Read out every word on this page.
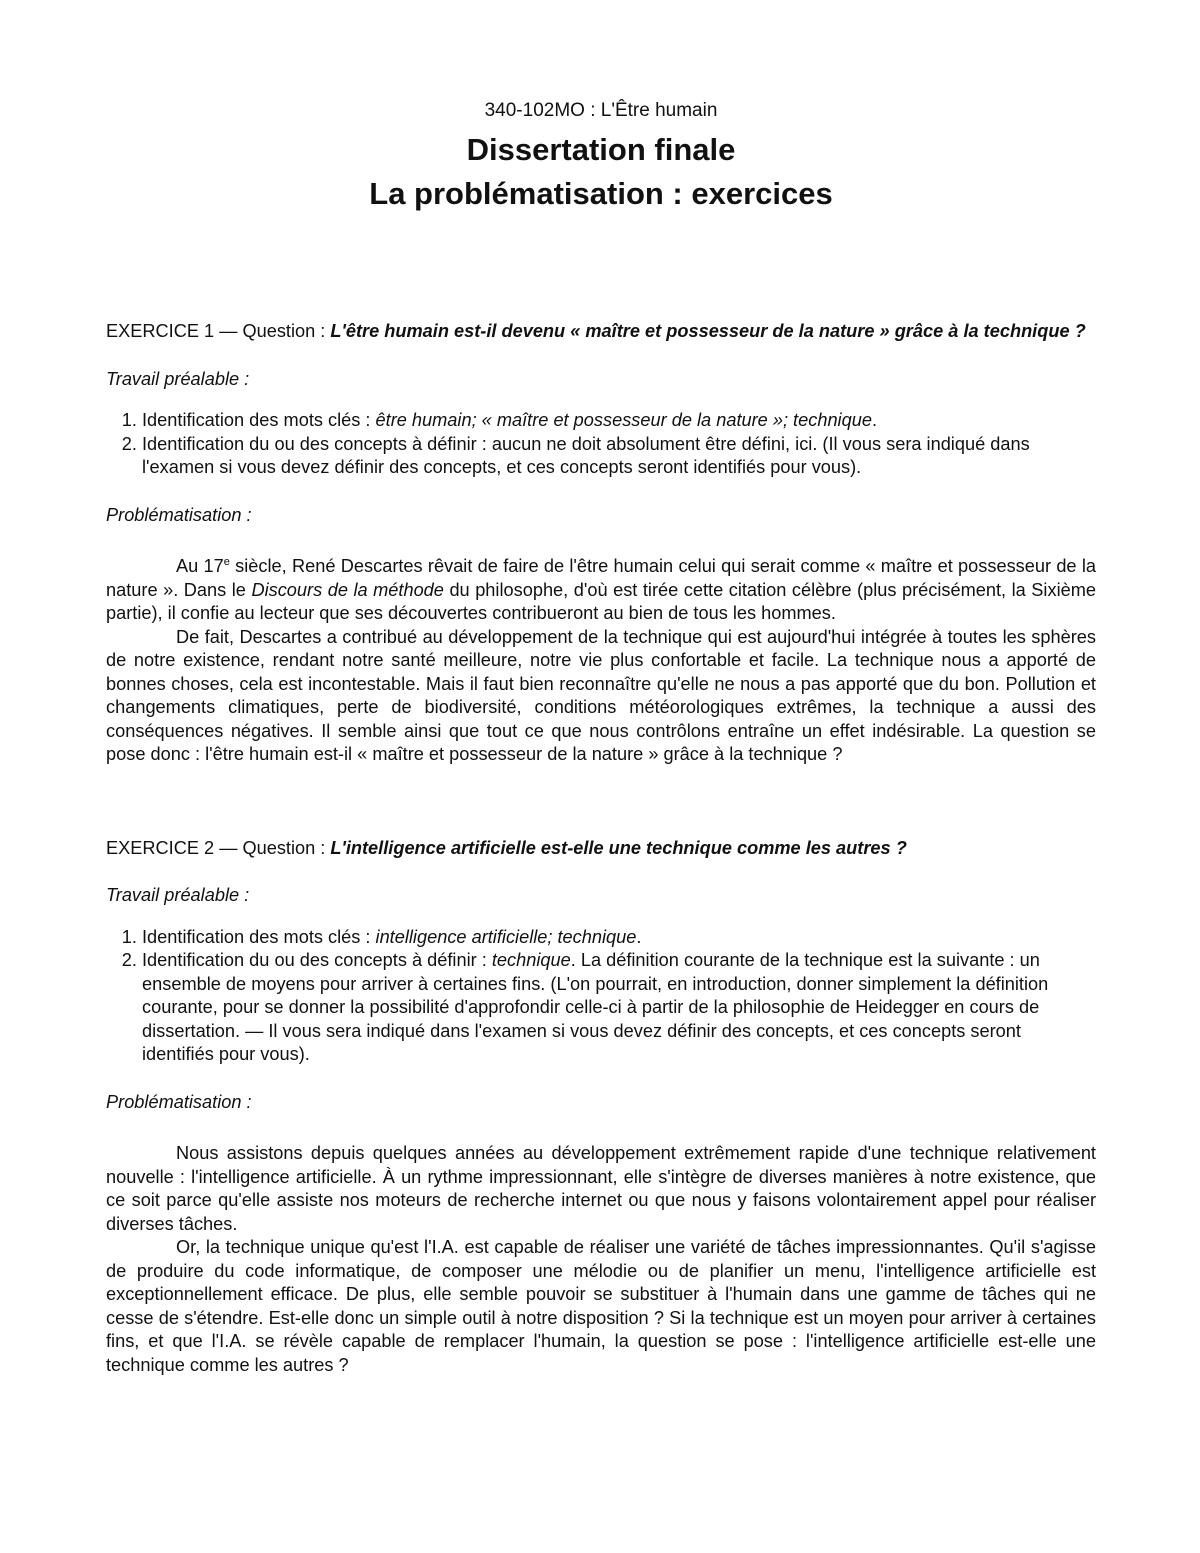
340-102MO : L'Être humain

Dissertation finale

La problématisation : exercices

EXERCICE 1 — Question : L'être humain est-il devenu « maître et possesseur de la nature » grâce à la technique ?

Travail préalable :

1. Identification des mots clés : être humain; « maître et possesseur de la nature »; technique.
2. Identification du ou des concepts à définir : aucun ne doit absolument être défini, ici. (Il vous sera indiqué dans l'examen si vous devez définir des concepts, et ces concepts seront identifiés pour vous).

Problématisation :

Au 17e siècle, René Descartes rêvait de faire de l'être humain celui qui serait comme « maître et possesseur de la nature ». Dans le Discours de la méthode du philosophe, d'où est tirée cette citation célèbre (plus précisément, la Sixième partie), il confie au lecteur que ses découvertes contribueront au bien de tous les hommes.

De fait, Descartes a contribué au développement de la technique qui est aujourd'hui intégrée à toutes les sphères de notre existence, rendant notre santé meilleure, notre vie plus confortable et facile. La technique nous a apporté de bonnes choses, cela est incontestable. Mais il faut bien reconnaître qu'elle ne nous a pas apporté que du bon. Pollution et changements climatiques, perte de biodiversité, conditions météorologiques extrêmes, la technique a aussi des conséquences négatives. Il semble ainsi que tout ce que nous contrôlons entraîne un effet indésirable. La question se pose donc : l'être humain est-il « maître et possesseur de la nature » grâce à la technique ?

EXERCICE 2 — Question : L'intelligence artificielle est-elle une technique comme les autres ?

Travail préalable :

1. Identification des mots clés : intelligence artificielle; technique.
2. Identification du ou des concepts à définir : technique. La définition courante de la technique est la suivante : un ensemble de moyens pour arriver à certaines fins. (L'on pourrait, en introduction, donner simplement la définition courante, pour se donner la possibilité d'approfondir celle-ci à partir de la philosophie de Heidegger en cours de dissertation. — Il vous sera indiqué dans l'examen si vous devez définir des concepts, et ces concepts seront identifiés pour vous).

Problématisation :

Nous assistons depuis quelques années au développement extrêmement rapide d'une technique relativement nouvelle : l'intelligence artificielle. À un rythme impressionnant, elle s'intègre de diverses manières à notre existence, que ce soit parce qu'elle assiste nos moteurs de recherche internet ou que nous y faisons volontairement appel pour réaliser diverses tâches.

Or, la technique unique qu'est l'I.A. est capable de réaliser une variété de tâches impressionnantes. Qu'il s'agisse de produire du code informatique, de composer une mélodie ou de planifier un menu, l'intelligence artificielle est exceptionnellement efficace. De plus, elle semble pouvoir se substituer à l'humain dans une gamme de tâches qui ne cesse de s'étendre. Est-elle donc un simple outil à notre disposition ? Si la technique est un moyen pour arriver à certaines fins, et que l'I.A. se révèle capable de remplacer l'humain, la question se pose : l'intelligence artificielle est-elle une technique comme les autres ?
